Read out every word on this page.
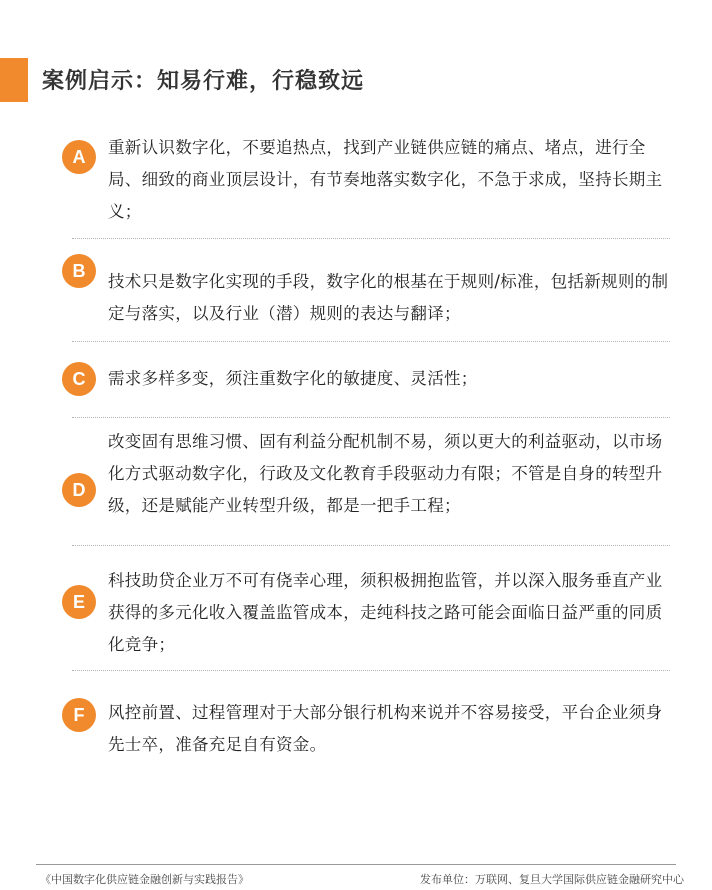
案例启示：知易行难，行稳致远
A	重新认识数字化，不要追热点，找到产业链供应链的痛点、堵点，进行全局、细致的商业顶层设计，有节奏地落实数字化，不急于求成，坚持长期主义；
B
技术只是数字化实现的手段，数字化的根基在于规则/标准，包括新规则的制定与落实，以及行业（潜）规则的表达与翻译；
C	需求多样多变，须注重数字化的敏捷度、灵活性；
D
改变固有思维习惯、固有利益分配机制不易，须以更大的利益驱动，以市场化方式驱动数字化，行政及文化教育手段驱动力有限；不管是自身的转型升级，还是赋能产业转型升级，都是一把手工程；
E
科技助贷企业万不可有侥幸心理，须积极拥抱监管，并以深入服务垂直产业获得的多元化收入覆盖监管成本，走纯科技之路可能会面临日益严重的同质化竞争；
F	风控前置、过程管理对于大部分银行机构来说并不容易接受，平台企业须身先士卒，准备充足自有资金。
《中国数字化供应链金融创新与实践报告》	发布单位：万联网、复旦大学国际供应链金融研究中心
